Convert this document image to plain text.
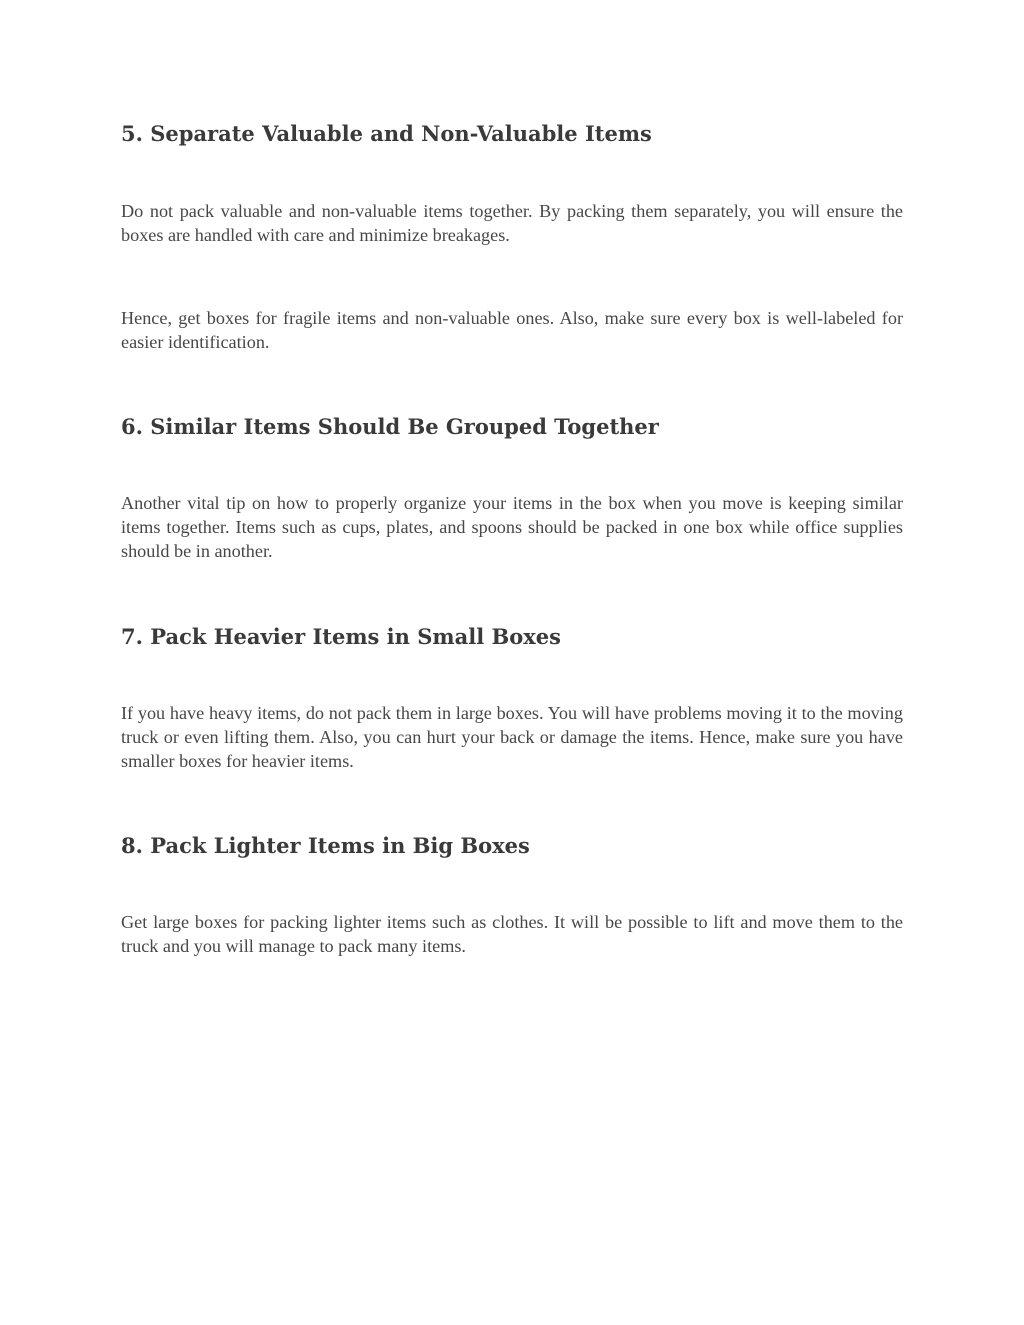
5. Separate Valuable and Non-Valuable Items

Do not pack valuable and non-valuable items together. By packing them separately, you will ensure the boxes are handled with care and minimize breakages.

Hence, get boxes for fragile items and non-valuable ones. Also, make sure every box is well-labeled for easier identification.

6. Similar Items Should Be Grouped Together

Another vital tip on how to properly organize your items in the box when you move is keeping similar items together. Items such as cups, plates, and spoons should be packed in one box while office supplies should be in another.

7. Pack Heavier Items in Small Boxes

If you have heavy items, do not pack them in large boxes. You will have problems moving it to the moving truck or even lifting them. Also, you can hurt your back or damage the items. Hence, make sure you have smaller boxes for heavier items.

8. Pack Lighter Items in Big Boxes

Get large boxes for packing lighter items such as clothes. It will be possible to lift and move them to the truck and you will manage to pack many items.
